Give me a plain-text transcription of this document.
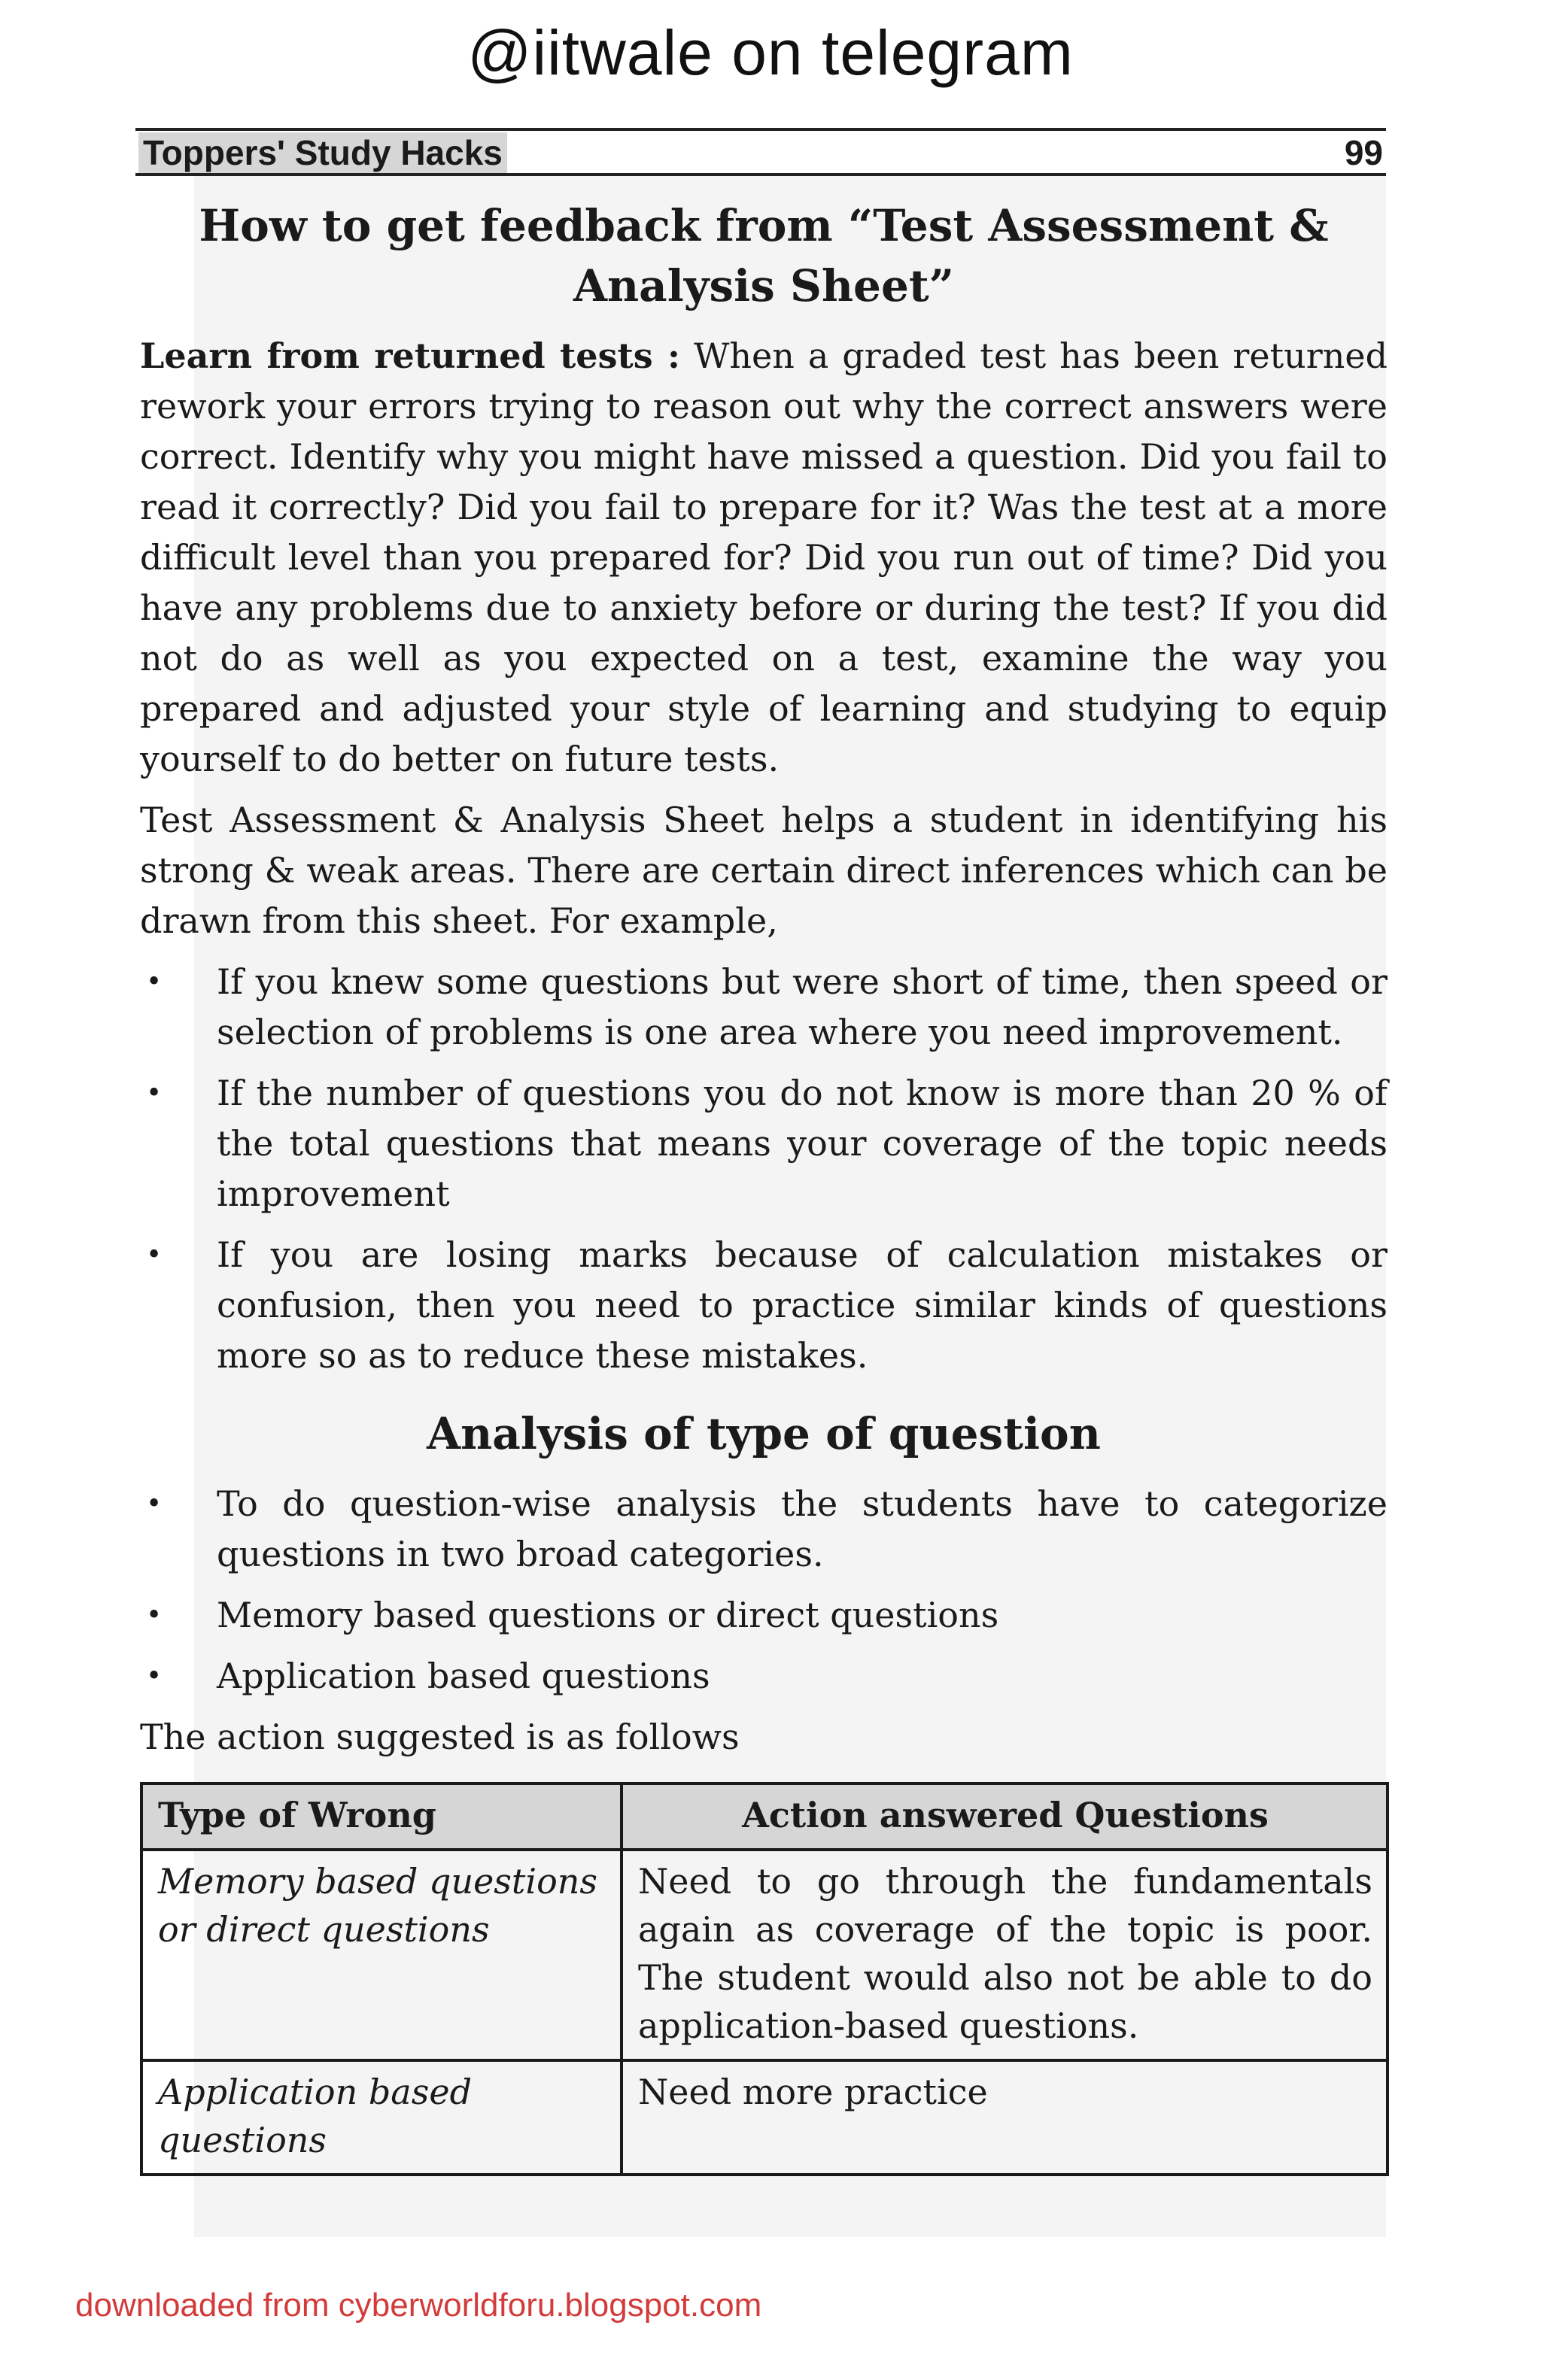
@iitwale on telegram
Toppers' Study Hacks	99
How to get feedback from “Test Assessment & Analysis Sheet”

Learn from returned tests : When a graded test has been returned rework your errors trying to reason out why the correct answers were correct. Identify why you might have missed a question. Did you fail to read it correctly? Did you fail to prepare for it? Was the test at a more difficult level than you prepared for? Did you run out of time? Did you have any problems due to anxiety before or during the test? If you did not do as well as you expected on a test, examine the way you prepared and adjusted your style of learning and studying to equip yourself to do better on future tests.

Test Assessment & Analysis Sheet helps a student in identifying his strong & weak areas. There are certain direct inferences which can be drawn from this sheet. For example,

• If you knew some questions but were short of time, then speed or selection of problems is one area where you need improvement.
• If the number of questions you do not know is more than 20 % of the total questions that means your coverage of the topic needs improvement
• If you are losing marks because of calculation mistakes or confusion, then you need to practice similar kinds of questions more so as to reduce these mistakes.
Analysis of type of question
• To do question-wise analysis the students have to categorize questions in two broad categories.
• Memory based questions or direct questions
• Application based questions

The action suggested is as follows

Type of Wrong	Action answered Questions
Memory based questions or direct questions	Need to go through the fundamentals again as coverage of the topic is poor. The student would also not be able to do application-based questions.
Application based questions	Need more practice
downloaded from cyberworldforu.blogspot.com
